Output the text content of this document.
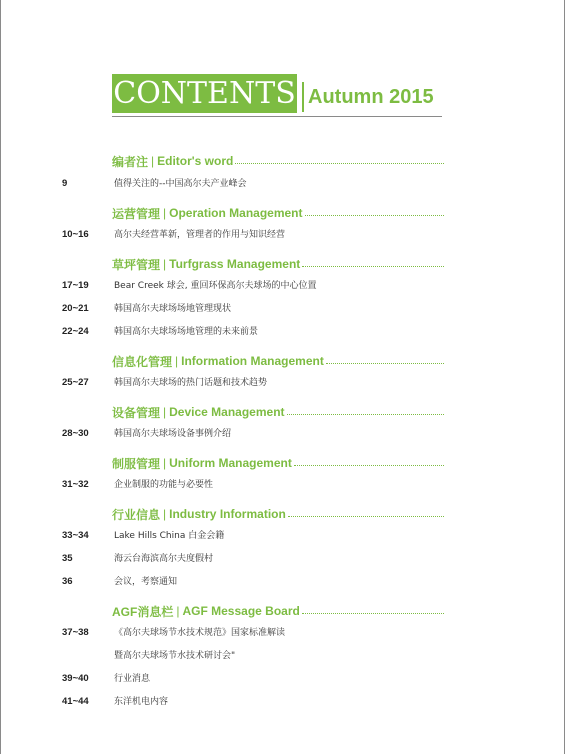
CONTENTS Autumn 2015
编者注 | Editor's word
9	值得关注的--中国高尔夫产业峰会
运营管理 | Operation Management
10~16	高尔夫经营革新，管理者的作用与知识经营
草坪管理 | Turfgrass Management
17~19	Bear Creek 球会, 重回环保高尔夫球场的中心位置
20~21	韩国高尔夫球场场地管理现状
22~24	韩国高尔夫球场场地管理的未来前景
信息化管理 | Information Management
25~27	韩国高尔夫球场的热门话题和技术趋势
设备管理 | Device Management
28~30	韩国高尔夫球场设备事例介绍
制服管理 | Uniform Management
31~32	企业制服的功能与必要性
行业信息 | Industry Information
33~34	Lake Hills China 白金会籍
35	海云台海滨高尔夫度假村
36	会议，考察通知
AGF消息栏 | AGF Message Board
37~38	《高尔夫球场节水技术规范》国家标准解读
暨高尔夫球场节水技术研讨会"
39~40	行业消息
41~44	东洋机电内容
